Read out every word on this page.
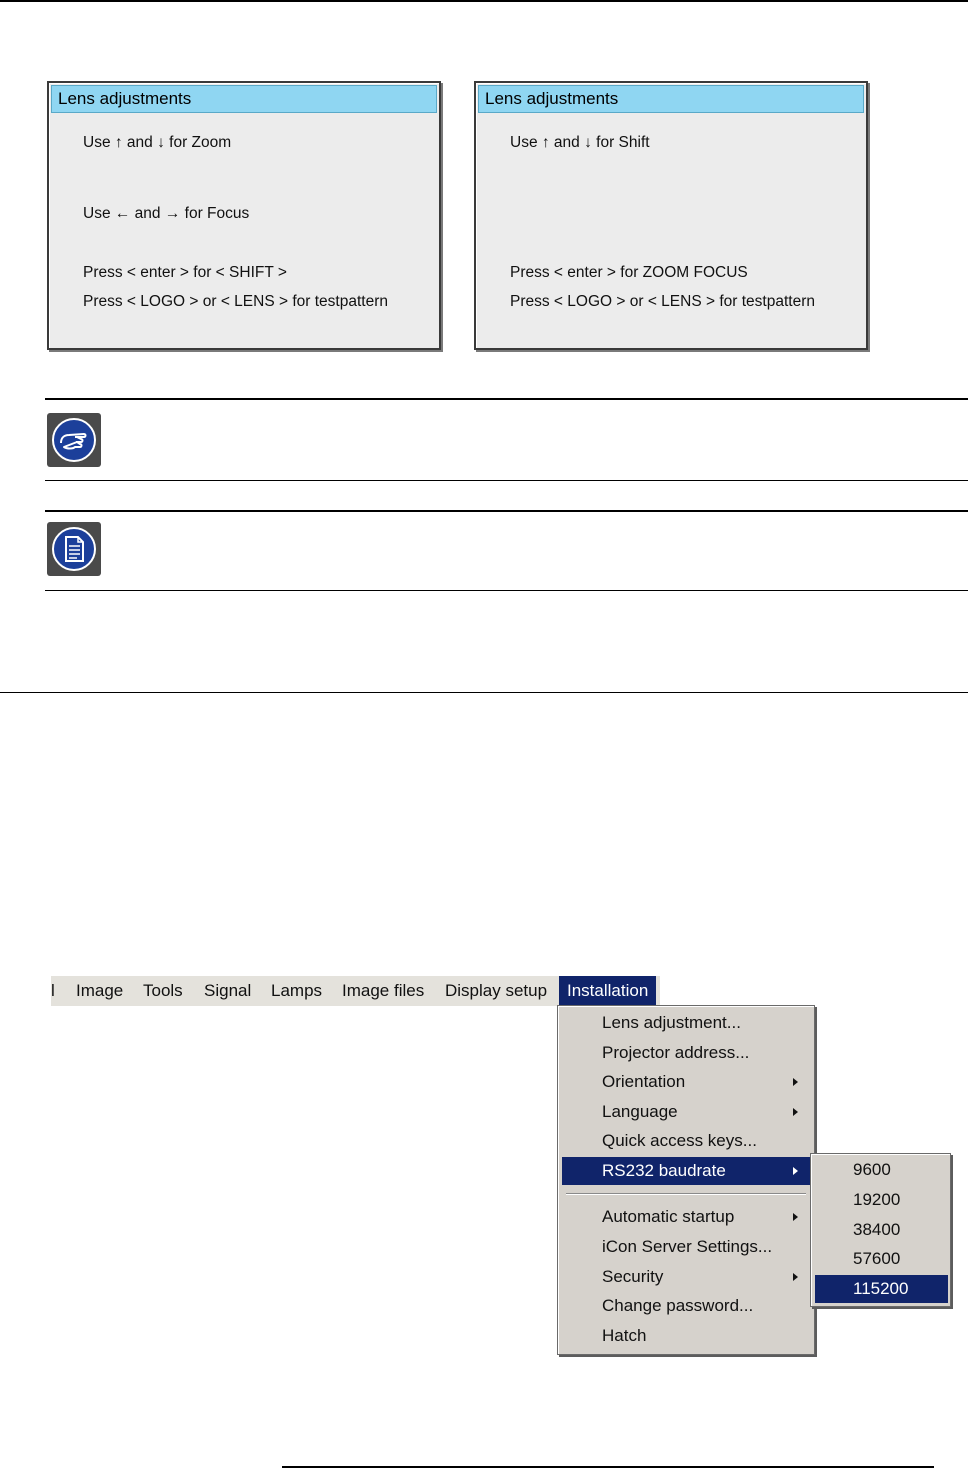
Lens adjustments
Use ↑ and ↓ for Zoom
Use ← and → for Focus
Press < enter > for < SHIFT >
Press < LOGO > or < LENS > for testpattern
Lens adjustments
Use ↑ and ↓ for Shift
Press < enter > for ZOOM FOCUS
Press < LOGO > or < LENS > for testpattern
l Image Tools Signal Lamps Image files Display setup	Installation
Lens adjustment...
Projector address...
Orientation
Language
Quick access keys...
RS232 baudrate
Automatic startup
iCon Server Settings...
Security
Change password...
Hatch
9600
19200
38400
57600
115200
